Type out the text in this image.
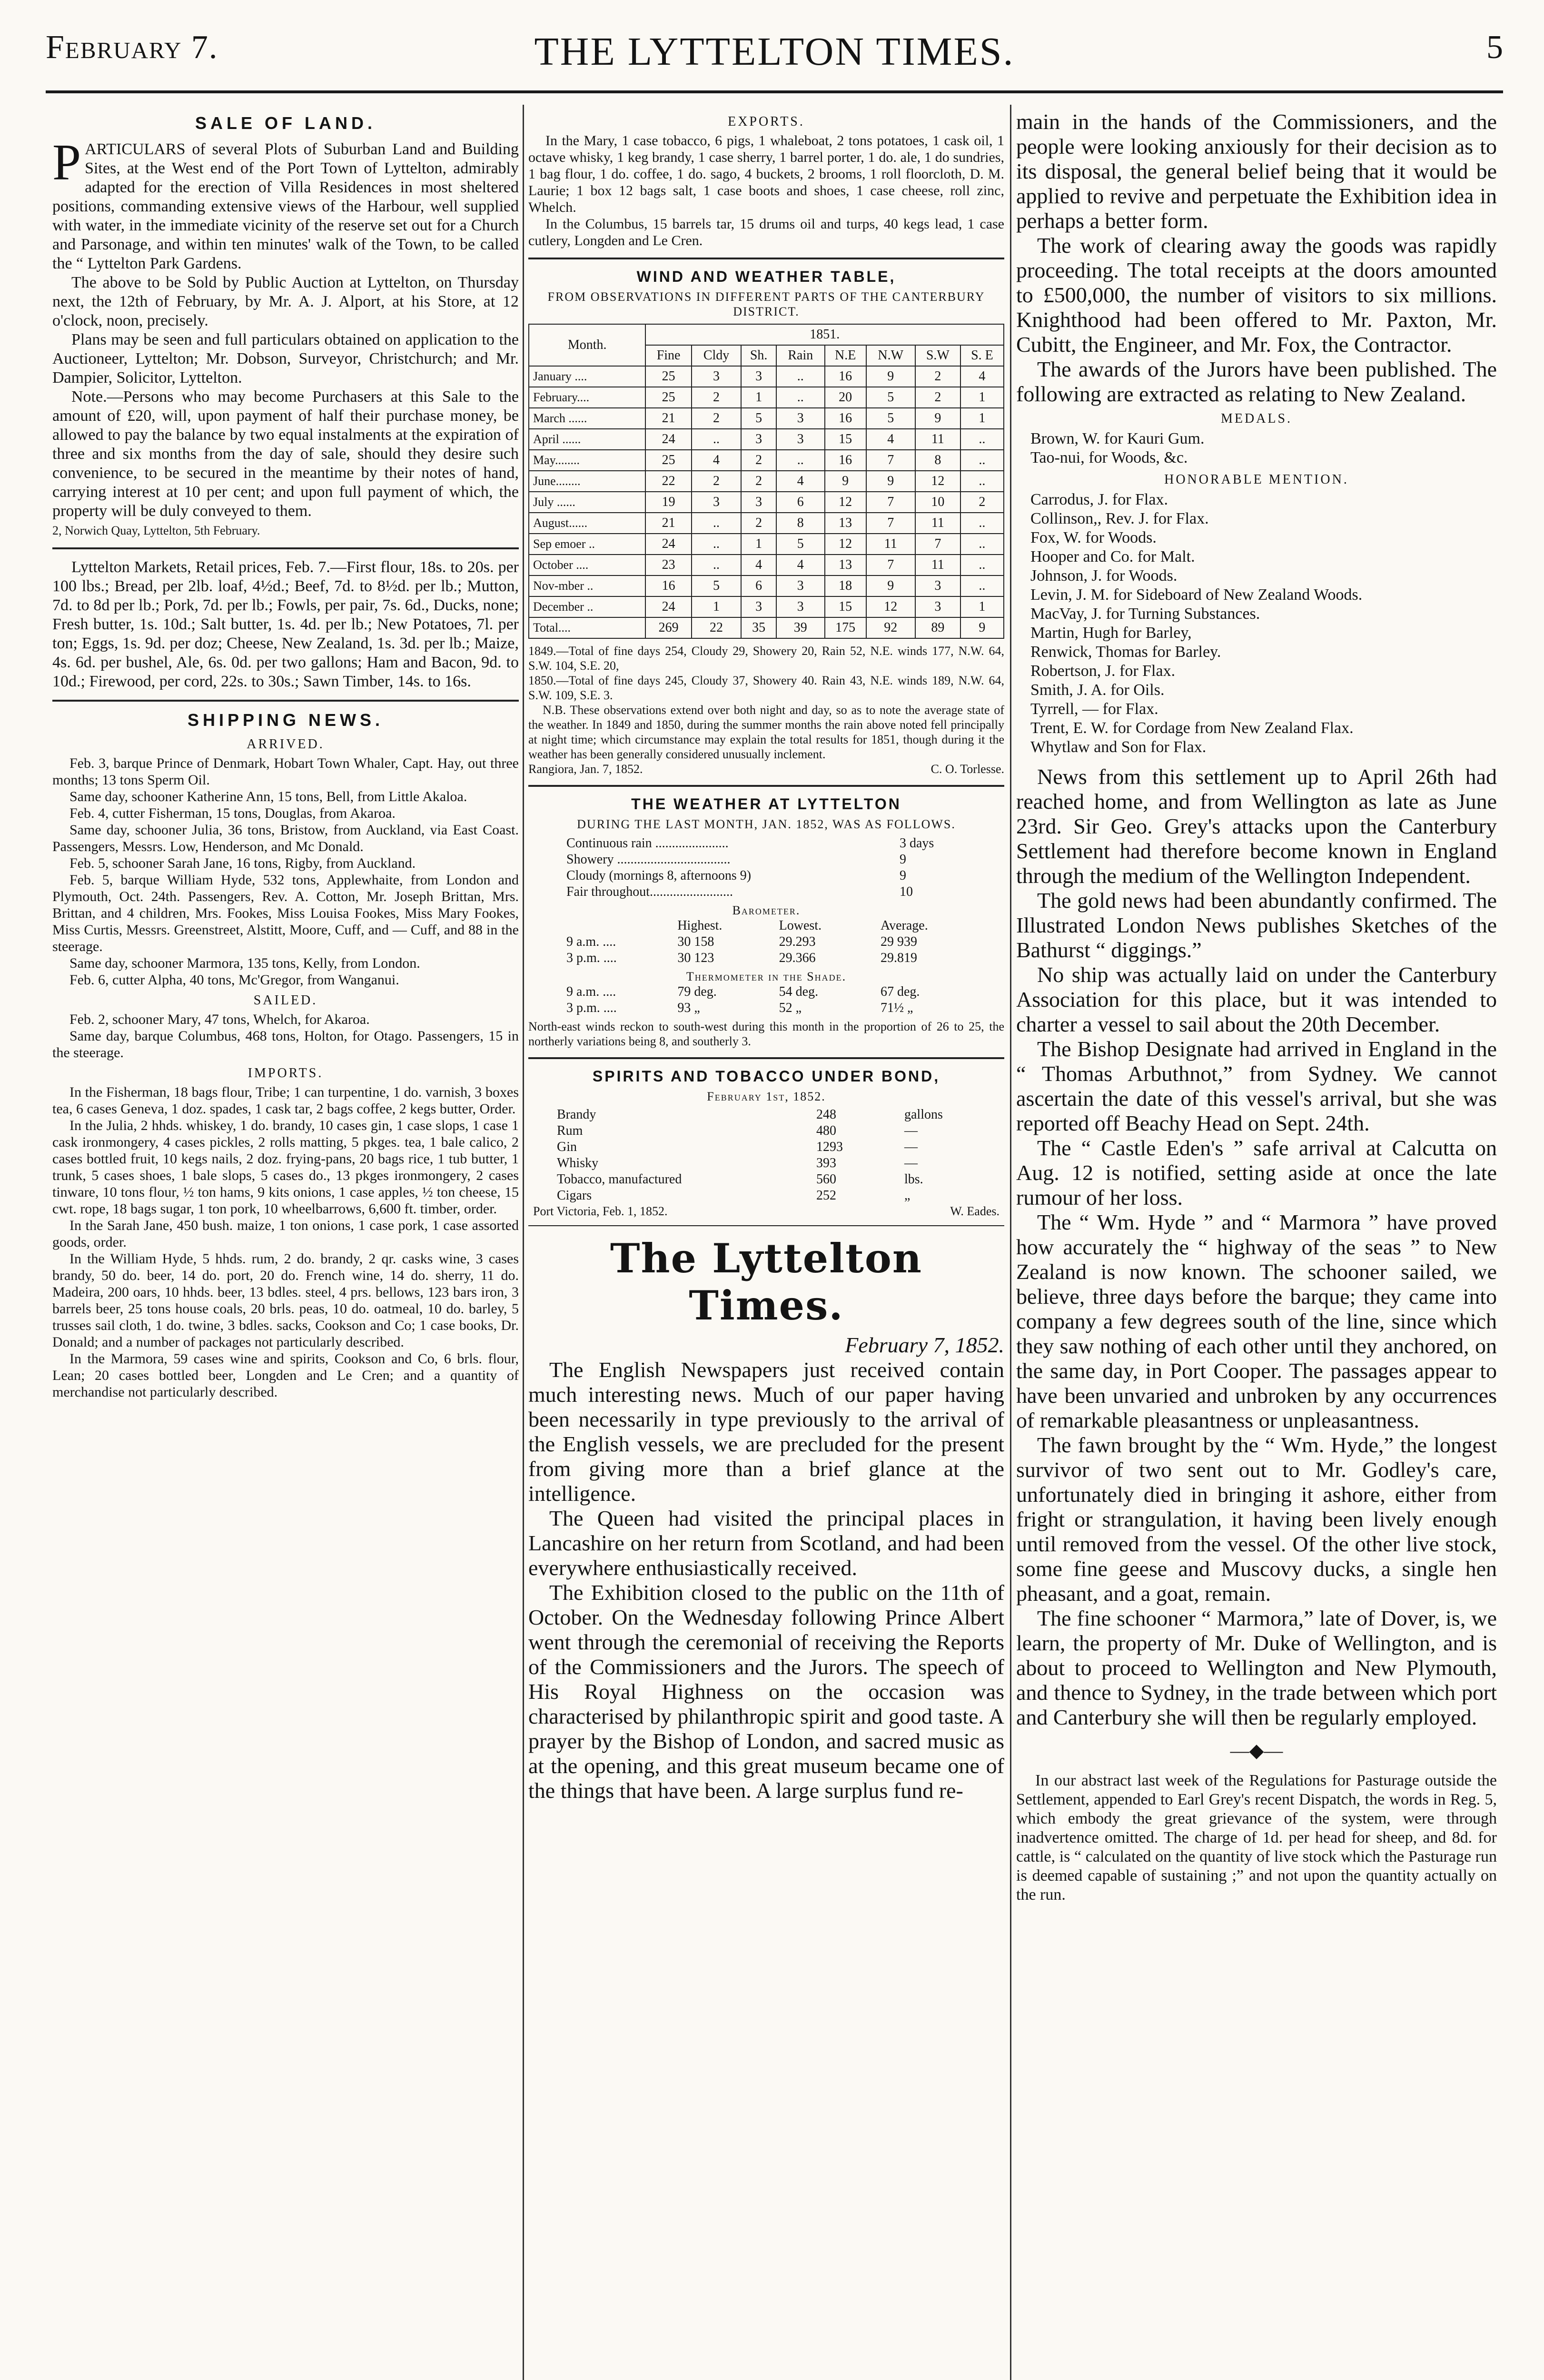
February 7.	THE LYTTELTON TIMES.	5
SALE OF LAND.

PARTICULARS of several Plots of Suburban Land and Building Sites, at the West end of the Port Town of Lyttelton, admirably adapted for the erection of Villa Residences in most sheltered positions, commanding extensive views of the Harbour, well supplied with water, in the immediate vicinity of the reserve set out for a Church and Parsonage, and within ten minutes' walk of the Town, to be called the “ Lyttelton Park Gardens.

The above to be Sold by Public Auction at Lyttelton, on Thursday next, the 12th of February, by Mr. A. J. Alport, at his Store, at 12 o'clock, noon, precisely.

Plans may be seen and full particulars obtained on application to the Auctioneer, Lyttelton; Mr. Dobson, Surveyor, Christchurch; and Mr. Dampier, Solicitor, Lyttelton.

Note.—Persons who may become Purchasers at this Sale to the amount of £20, will, upon payment of half their purchase money, be allowed to pay the balance by two equal instalments at the expiration of three and six months from the day of sale, should they desire such convenience, to be secured in the meantime by their notes of hand, carrying interest at 10 per cent; and upon full payment of which, the property will be duly conveyed to them.

2, Norwich Quay, Lyttelton, 5th February.

Lyttelton Markets, Retail prices, Feb. 7.—First flour, 18s. to 20s. per 100 lbs.; Bread, per 2lb. loaf, 4½d.; Beef, 7d. to 8½d. per lb.; Mutton, 7d. to 8d per lb.; Pork, 7d. per lb.; Fowls, per pair, 7s. 6d., Ducks, none; Fresh butter, 1s. 10d.; Salt butter, 1s. 4d. per lb.; New Potatoes, 7l. per ton; Eggs, 1s. 9d. per doz; Cheese, New Zealand, 1s. 3d. per lb.; Maize, 4s. 6d. per bushel, Ale, 6s. 0d. per two gallons; Ham and Bacon, 9d. to 10d.; Firewood, per cord, 22s. to 30s.; Sawn Timber, 14s. to 16s.

SHIPPING NEWS.
ARRIVED.

Feb. 3, barque Prince of Denmark, Hobart Town Whaler, Capt. Hay, out three months; 13 tons Sperm Oil.

Same day, schooner Katherine Ann, 15 tons, Bell, from Little Akaloa.

Feb. 4, cutter Fisherman, 15 tons, Douglas, from Akaroa.

Same day, schooner Julia, 36 tons, Bristow, from Auckland, via East Coast. Passengers, Messrs. Low, Henderson, and Mc Donald.

Feb. 5, schooner Sarah Jane, 16 tons, Rigby, from Auckland.

Feb. 5, barque William Hyde, 532 tons, Applewhaite, from London and Plymouth, Oct. 24th. Passengers, Rev. A. Cotton, Mr. Joseph Brittan, Mrs. Brittan, and 4 children, Mrs. Fookes, Miss Louisa Fookes, Miss Mary Fookes, Miss Curtis, Messrs. Greenstreet, Alstitt, Moore, Cuff, and — Cuff, and 88 in the steerage.

Same day, schooner Marmora, 135 tons, Kelly, from London.

Feb. 6, cutter Alpha, 40 tons, Mc'Gregor, from Wanganui.

SAILED.

Feb. 2, schooner Mary, 47 tons, Whelch, for Akaroa.

Same day, barque Columbus, 468 tons, Holton, for Otago. Passengers, 15 in the steerage.

IMPORTS.

In the Fisherman, 18 bags flour, Tribe; 1 can turpentine, 1 do. varnish, 3 boxes tea, 6 cases Geneva, 1 doz. spades, 1 cask tar, 2 bags coffee, 2 kegs butter, Order.

In the Julia, 2 hhds. whiskey, 1 do. brandy, 10 cases gin, 1 case slops, 1 case 1 cask ironmongery, 4 cases pickles, 2 rolls matting, 5 pkges. tea, 1 bale calico, 2 cases bottled fruit, 10 kegs nails, 2 doz. frying-pans, 20 bags rice, 1 tub butter, 1 trunk, 5 cases shoes, 1 bale slops, 5 cases do., 13 pkges ironmongery, 2 cases tinware, 10 tons flour, ½ ton hams, 9 kits onions, 1 case apples, ½ ton cheese, 15 cwt. rope, 18 bags sugar, 1 ton pork, 10 wheelbarrows, 6,600 ft. timber, order.

In the Sarah Jane, 450 bush. maize, 1 ton onions, 1 case pork, 1 case assorted goods, order.

In the William Hyde, 5 hhds. rum, 2 do. brandy, 2 qr. casks wine, 3 cases brandy, 50 do. beer, 14 do. port, 20 do. French wine, 14 do. sherry, 11 do. Madeira, 200 oars, 10 hhds. beer, 13 bdles. steel, 4 prs. bellows, 123 bars iron, 3 barrels beer, 25 tons house coals, 20 brls. peas, 10 do. oatmeal, 10 do. barley, 5 trusses sail cloth, 1 do. twine, 3 bdles. sacks, Cookson and Co; 1 case books, Dr. Donald; and a number of packages not particularly described.

In the Marmora, 59 cases wine and spirits, Cookson and Co, 6 brls. flour, Lean; 20 cases bottled beer, Longden and Le Cren; and a quantity of merchandise not particularly described.

EXPORTS.

In the Mary, 1 case tobacco, 6 pigs, 1 whaleboat, 2 tons potatoes, 1 cask oil, 1 octave whisky, 1 keg brandy, 1 case sherry, 1 barrel porter, 1 do. ale, 1 do sundries, 1 bag flour, 1 do. coffee, 1 do. sago, 4 buckets, 2 brooms, 1 roll floorcloth, D. M. Laurie; 1 box 12 bags salt, 1 case boots and shoes, 1 case cheese, roll zinc, Whelch.

In the Columbus, 15 barrels tar, 15 drums oil and turps, 40 kegs lead, 1 case cutlery, Longden and Le Cren.

WIND AND WEATHER TABLE,
FROM OBSERVATIONS IN DIFFERENT PARTS OF THE CANTERBURY DISTRICT.
Month.	1851.							
	Fine	Cldy	Sh.	Rain	N.E	N.W	S.W	S. E
January ....	25	3	3	..	16	9	2	4
February....	25	2	1	..	20	5	2	1
March ......	21	2	5	3	16	5	9	1
April ......	24	..	3	3	15	4	11	..
May........	25	4	2	..	16	7	8	..
June........	22	2	2	4	9	9	12	..
July ......	19	3	3	6	12	7	10	2
August......	21	..	2	8	13	7	11	..
Sep emoer ..	24	..	1	5	12	11	7	..
October ....	23	..	4	4	13	7	11	..
Nov-mber ..	16	5	6	3	18	9	3	..
December ..	24	1	3	3	15	12	3	1
Total....	269	22	35	39	175	92	89	9

1849.—Total of fine days 254, Cloudy 29, Showery 20, Rain 52, N.E. winds 177, N.W. 64, S.W. 104, S.E. 20,

1850.—Total of fine days 245, Cloudy 37, Showery 40. Rain 43, N.E. winds 189, N.W. 64, S.W. 109, S.E. 3.

N.B. These observations extend over both night and day, so as to note the average state of the weather. In 1849 and 1850, during the summer months the rain above noted fell principally at night time; which circumstance may explain the total results for 1851, though during it the weather has been generally considered unusually inclement.

Rangiora, Jan. 7, 1852.	C. O. Torlesse.
THE WEATHER AT LYTTELTON
DURING THE LAST MONTH, JAN. 1852, WAS AS FOLLOWS.
Continuous rain ......................	3 days
Showery ..................................	9
Cloudy (mornings 8, afternoons 9)	9
Fair throughout.........................	10
Barometer.
Highest.	Lowest.	Average.
9 a.m. ....	30 158	29.293	29 939
3 p.m. ....	30 123	29.366	29.819
Thermometer in the Shade.
9 a.m. ....	79 deg.	54 deg.	67 deg.
3 p.m. ....	93 „	52 „	71½ „

North-east winds reckon to south-west during this month in the proportion of 26 to 25, the northerly variations being 8, and southerly 3.

SPIRITS AND TOBACCO UNDER BOND,
February 1st, 1852.
Brandy	248	gallons
Rum	480	—
Gin	1293	—
Whisky	393	—
Tobacco, manufactured	560	lbs.
Cigars	252	„
Port Victoria, Feb. 1, 1852.	W. Eades.
The Lyttelton Times.
February 7, 1852.

The English Newspapers just received contain much interesting news. Much of our paper having been necessarily in type previously to the arrival of the English vessels, we are precluded for the present from giving more than a brief glance at the intelligence.

The Queen had visited the principal places in Lancashire on her return from Scotland, and had been everywhere enthusiastically received.

The Exhibition closed to the public on the 11th of October. On the Wednesday following Prince Albert went through the ceremonial of receiving the Reports of the Commissioners and the Jurors. The speech of His Royal Highness on the occasion was characterised by philanthropic spirit and good taste. A prayer by the Bishop of London, and sacred music as at the opening, and this great museum became one of the things that have been. A large surplus fund re-

main in the hands of the Commissioners, and the people were looking anxiously for their decision as to its disposal, the general belief being that it would be applied to revive and perpetuate the Exhibition idea in perhaps a better form.

The work of clearing away the goods was rapidly proceeding. The total receipts at the doors amounted to £500,000, the number of visitors to six millions. Knighthood had been offered to Mr. Paxton, Mr. Cubitt, the Engineer, and Mr. Fox, the Contractor.

The awards of the Jurors have been published. The following are extracted as relating to New Zealand.

MEDALS.
Brown, W. for Kauri Gum.
Tao-nui, for Woods, &c.
HONORABLE MENTION.
Carrodus, J. for Flax.
Collinson,, Rev. J. for Flax.
Fox, W. for Woods.
Hooper and Co. for Malt.
Johnson, J. for Woods.
Levin, J. M. for Sideboard of New Zealand Woods.
MacVay, J. for Turning Substances.
Martin, Hugh for Barley,
Renwick, Thomas for Barley.
Robertson, J. for Flax.
Smith, J. A. for Oils.
Tyrrell, — for Flax.
Trent, E. W. for Cordage from New Zealand Flax.
Whytlaw and Son for Flax.

News from this settlement up to April 26th had reached home, and from Wellington as late as June 23rd. Sir Geo. Grey's attacks upon the Canterbury Settlement had therefore become known in England through the medium of the Wellington Independent.

The gold news had been abundantly confirmed. The Illustrated London News publishes Sketches of the Bathurst “ diggings.”

No ship was actually laid on under the Canterbury Association for this place, but it was intended to charter a vessel to sail about the 20th December.

The Bishop Designate had arrived in England in the “ Thomas Arbuthnot,” from Sydney. We cannot ascertain the date of this vessel's arrival, but she was reported off Beachy Head on Sept. 24th.

The “ Castle Eden's ” safe arrival at Calcutta on Aug. 12 is notified, setting aside at once the late rumour of her loss.

The “ Wm. Hyde ” and “ Marmora ” have proved how accurately the “ highway of the seas ” to New Zealand is now known. The schooner sailed, we believe, three days before the barque; they came into company a few degrees south of the line, since which they saw nothing of each other until they anchored, on the same day, in Port Cooper. The passages appear to have been unvaried and unbroken by any occurrences of remarkable pleasantness or unpleasantness.

The fawn brought by the “ Wm. Hyde,” the longest survivor of two sent out to Mr. Godley's care, unfortunately died in bringing it ashore, either from fright or strangulation, it having been lively enough until removed from the vessel. Of the other live stock, some fine geese and Muscovy ducks, a single hen pheasant, and a goat, remain.

The fine schooner “ Marmora,” late of Dover, is, we learn, the property of Mr. Duke of Wellington, and is about to proceed to Wellington and New Plymouth, and thence to Sydney, in the trade between which port and Canterbury she will then be regularly employed.

—◆—

In our abstract last week of the Regulations for Pasturage outside the Settlement, appended to Earl Grey's recent Dispatch, the words in Reg. 5, which embody the great grievance of the system, were through inadvertence omitted. The charge of 1d. per head for sheep, and 8d. for cattle, is “ calculated on the quantity of live stock which the Pasturage run is deemed capable of sustaining ;” and not upon the quantity actually on the run.
